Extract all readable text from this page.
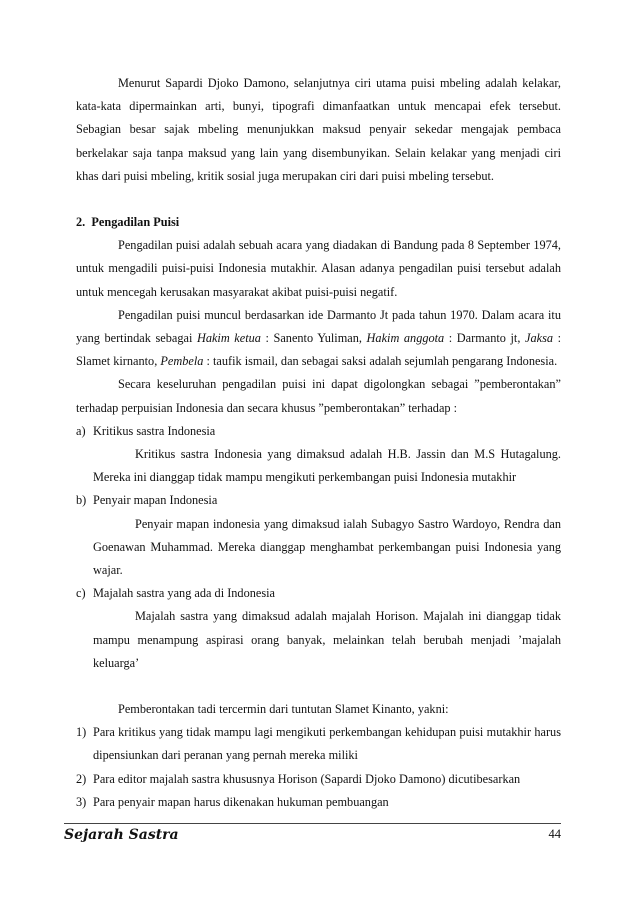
Menurut Sapardi Djoko Damono, selanjutnya ciri utama puisi mbeling adalah kelakar, kata-kata dipermainkan arti, bunyi, tipografi dimanfaatkan untuk mencapai efek tersebut. Sebagian besar sajak mbeling menunjukkan maksud penyair sekedar mengajak pembaca berkelakar saja tanpa maksud yang lain yang disembunyikan. Selain kelakar yang menjadi ciri khas dari puisi mbeling, kritik sosial juga merupakan ciri dari puisi mbeling tersebut.

2. Pengadilan Puisi

Pengadilan puisi adalah sebuah acara yang diadakan di Bandung pada 8 September 1974, untuk mengadili puisi-puisi Indonesia mutakhir. Alasan adanya pengadilan puisi tersebut adalah untuk mencegah kerusakan masyarakat akibat puisi-puisi negatif.

Pengadilan puisi muncul berdasarkan ide Darmanto Jt pada tahun 1970. Dalam acara itu yang bertindak sebagai Hakim ketua : Sanento Yuliman, Hakim anggota : Darmanto jt, Jaksa : Slamet kirnanto, Pembela : taufik ismail, dan sebagai saksi adalah sejumlah pengarang Indonesia.

Secara keseluruhan pengadilan puisi ini dapat digolongkan sebagai ”pemberontakan” terhadap perpuisian Indonesia dan secara khusus ”pemberontakan” terhadap :

a) Kritikus sastra Indonesia

Kritikus sastra Indonesia yang dimaksud adalah H.B. Jassin dan M.S Hutagalung. Mereka ini dianggap tidak mampu mengikuti perkembangan puisi Indonesia mutakhir

b) Penyair mapan Indonesia

Penyair mapan indonesia yang dimaksud ialah Subagyo Sastro Wardoyo, Rendra dan Goenawan Muhammad. Mereka dianggap menghambat perkembangan puisi Indonesia yang wajar.

c) Majalah sastra yang ada di Indonesia

Majalah sastra yang dimaksud adalah majalah Horison. Majalah ini dianggap tidak mampu menampung aspirasi orang banyak, melainkan telah berubah menjadi ’majalah keluarga’

Pemberontakan tadi tercermin dari tuntutan Slamet Kinanto, yakni:

1) Para kritikus yang tidak mampu lagi mengikuti perkembangan kehidupan puisi mutakhir harus dipensiunkan dari peranan yang pernah mereka miliki

2) Para editor majalah sastra khususnya Horison (Sapardi Djoko Damono) dicutibesarkan

3) Para penyair mapan harus dikenakan hukuman pembuangan

Sejarah Sastra	44
